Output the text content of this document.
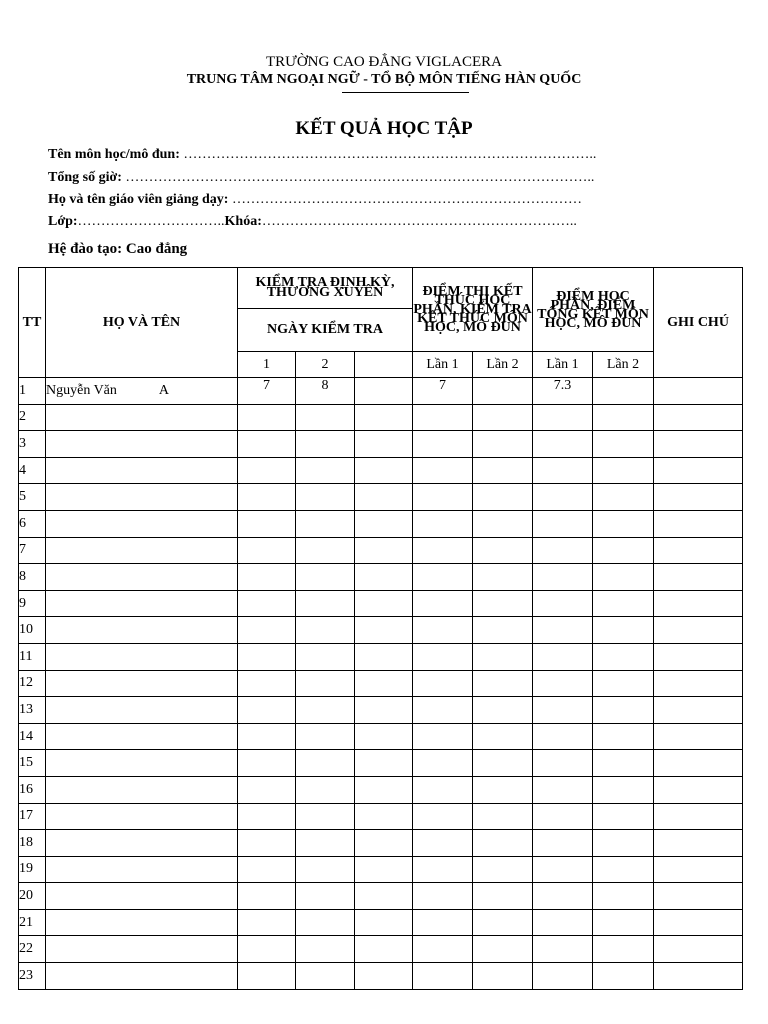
TRƯỜNG CAO ĐẲNG VIGLACERA
TRUNG TÂM NGOẠI NGỮ - TỔ BỘ MÔN TIẾNG HÀN QUỐC
KẾT QUẢ HỌC TẬP
Tên môn học/mô đun: ……………………………………………………………………………..
Tổng số giờ: ………………………………………………………………………………………..
Họ và tên giáo viên giảng dạy: …………………………………………………………………
Lớp:…………………………..Khóa:…………………………………………………………..
Hệ đào tạo: Cao đẳng
TT	HỌ VÀ TÊN	KIỂM TRA ĐỊNH KỲ, THƯỜNG XUYÊN			ĐIỂM THI KẾT THÚC HỌC PHẦN, KIỂM TRA KẾT THÚC MÔN HỌC, MÔ ĐUN		ĐIỂM HỌC PHẦN, ĐIỂM TỔNG KẾT MÔN HỌC, MÔ ĐUN		GHI CHÚ
		NGÀY KIỂM TRA							
		1	2		Lần 1	Lần 2	Lần 1	Lần 2	
1	Nguyễn Văn A	7	8		7		7.3		
2									
3									
4									
5									
6									
7									
8									
9									
10									
11									
12									
13									
14									
15									
16									
17									
18									
19									
20									
21									
22									
23									
